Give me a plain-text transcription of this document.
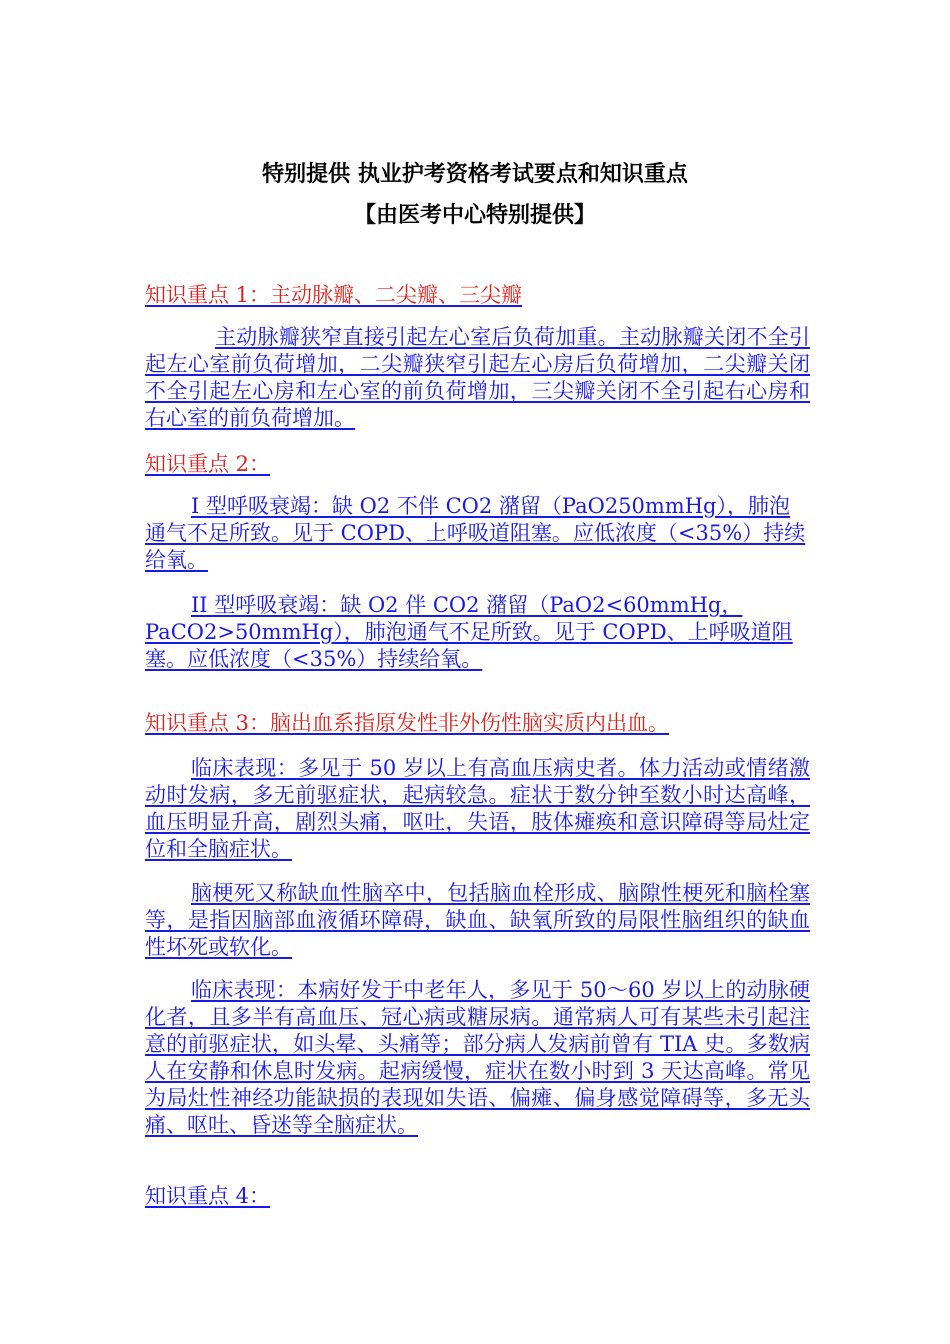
特别提供 执业护考资格考试要点和知识重点
【由医考中心特别提供】

知识重点 1：主动脉瓣、二尖瓣、三尖瓣

主动脉瓣狭窄直接引起左心室后负荷加重。主动脉瓣关闭不全引起左心室前负荷增加，二尖瓣狭窄引起左心房后负荷增加，二尖瓣关闭不全引起左心房和左心室的前负荷增加，三尖瓣关闭不全引起右心房和右心室的前负荷增加。

知识重点 2：

I 型呼吸衰竭：缺 O2 不伴 CO2 潴留（PaO250mmHg），肺泡通气不足所致。见于 COPD、上呼吸道阻塞。应低浓度（<35%）持续给氧。

II 型呼吸衰竭：缺 O2 伴 CO2 潴留（PaO2<60mmHg，PaCO2>50mmHg），肺泡通气不足所致。见于 COPD、上呼吸道阻塞。应低浓度（<35%）持续给氧。

知识重点 3：脑出血系指原发性非外伤性脑实质内出血。

临床表现：多见于 50 岁以上有高血压病史者。体力活动或情绪激动时发病，多无前驱症状，起病较急。症状于数分钟至数小时达高峰，血压明显升高，剧烈头痛，呕吐，失语，肢体瘫痪和意识障碍等局灶定位和全脑症状。

脑梗死又称缺血性脑卒中，包括脑血栓形成、脑隙性梗死和脑栓塞等，是指因脑部血液循环障碍，缺血、缺氧所致的局限性脑组织的缺血性坏死或软化。

临床表现：本病好发于中老年人，多见于 50～60 岁以上的动脉硬化者，且多半有高血压、冠心病或糖尿病。通常病人可有某些未引起注意的前驱症状，如头晕、头痛等；部分病人发病前曾有 TIA 史。多数病人在安静和休息时发病。起病缓慢，症状在数小时到 3 天达高峰。常见为局灶性神经功能缺损的表现如失语、偏瘫、偏身感觉障碍等，多无头痛、呕吐、昏迷等全脑症状。

知识重点 4：
